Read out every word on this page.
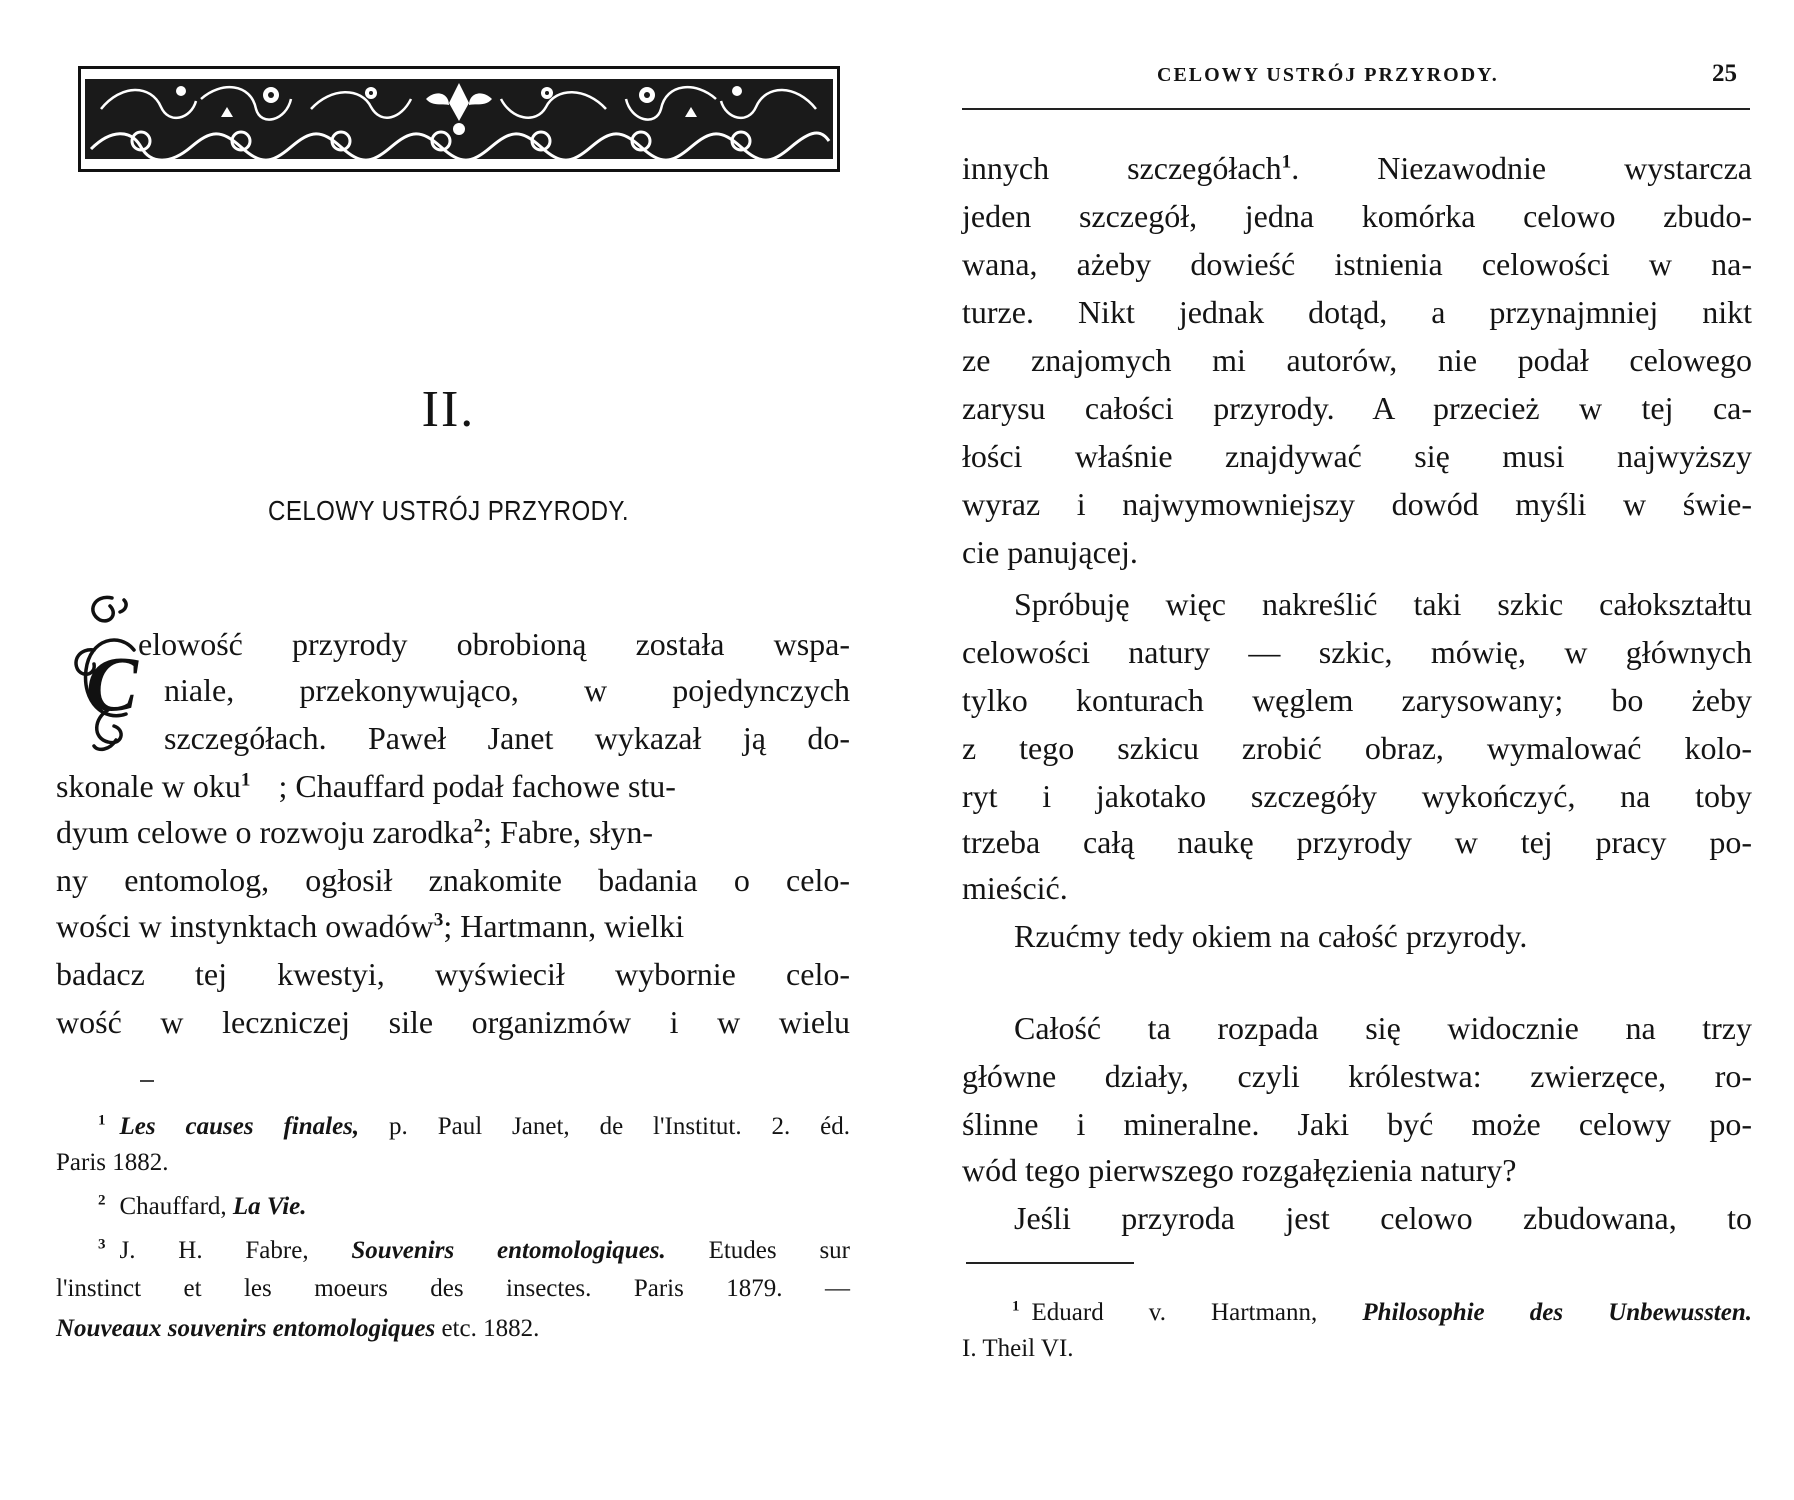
II.
CELOWY USTRÓJ PRZYRODY.
C elowość przyrody obrobioną została wspa-
niale, przekonywująco, w pojedynczych
szczegółach. Paweł Janet wykazał ją do-
skonale w oku$^1$ ; Chauffard podał fachowe stu-
dyum celowe o rozwoju zarodka$^2$; Fabre, słyn-
ny entomolog, ogłosił znakomite badania o celo-
wości w instynktach owadów$^3$; Hartmann, wielki
badacz tej kwestyi, wyświecił wybornie celo-
wość w leczniczej sile organizmów i w wielu
$^1$ Les causes finales, p. Paul Janet, de l'Institut. 2. éd.
Paris 1882.
$^2$ Chauffard, La Vie.
$^3$ J. H. Fabre, Souvenirs entomologiques. Etudes sur
l'instinct et les moeurs des insectes. Paris 1879. —
Nouveaux souvenirs entomologiques etc. 1882.
CELOWY USTRÓJ PRZYRODY.	25
innych szczegółach$^1$. Niezawodnie wystarcza
jeden szczegół, jedna komórka celowo zbudo-
wana, ażeby dowieść istnienia celowości w na-
turze. Nikt jednak dotąd, a przynajmniej nikt
ze znajomych mi autorów, nie podał celowego
zarysu całości przyrody. A przecież w tej ca-
łości właśnie znajdywać się musi najwyższy
wyraz i najwymowniejszy dowód myśli w świe-
cie panującej.
Spróbuję więc nakreślić taki szkic całokształtu
celowości natury — szkic, mówię, w głównych
tylko konturach węglem zarysowany; bo żeby
z tego szkicu zrobić obraz, wymalować kolo-
ryt i jakotako szczegóły wykończyć, na toby
trzeba całą naukę przyrody w tej pracy po-
mieścić.
Rzućmy tedy okiem na całość przyrody.
Całość ta rozpada się widocznie na trzy
główne działy, czyli królestwa: zwierzęce, ro-
ślinne i mineralne. Jaki być może celowy po-
wód tego pierwszego rozgałęzienia natury?
Jeśli przyroda jest celowo zbudowana, to
$^1$ Eduard v. Hartmann, Philosophie des Unbewussten.
I. Theil VI.
